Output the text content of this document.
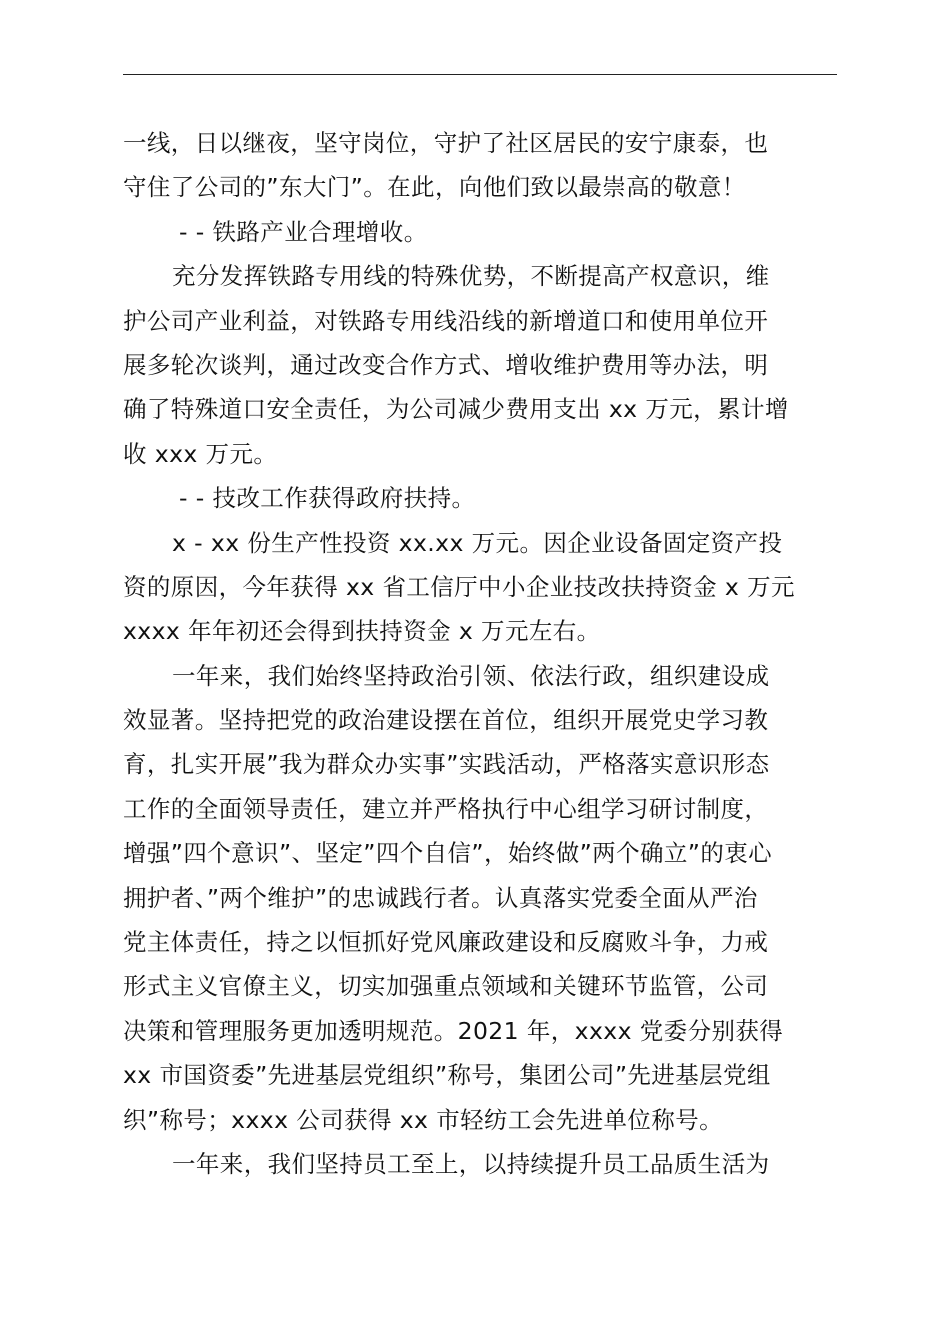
一线，日以继夜，坚守岗位，守护了社区居民的安宁康泰，也
守住了公司的”东大门”。在此，向他们致以最崇高的敬意！
- - 铁路产业合理增收。
充分发挥铁路专用线的特殊优势，不断提高产权意识，维
护公司产业利益，对铁路专用线沿线的新增道口和使用单位开
展多轮次谈判，通过改变合作方式、增收维护费用等办法，明
确了特殊道口安全责任，为公司减少费用支出 xx 万元，累计增
收 xxx 万元。
- - 技改工作获得政府扶持。
x - xx 份生产性投资 xx.xx 万元。因企业设备固定资产投
资的原因，今年获得 xx 省工信厅中小企业技改扶持资金 x 万元
xxxx 年年初还会得到扶持资金 x 万元左右。
一年来，我们始终坚持政治引领、依法行政，组织建设成
效显著。坚持把党的政治建设摆在首位，组织开展党史学习教
育，扎实开展”我为群众办实事”实践活动，严格落实意识形态
工作的全面领导责任，建立并严格执行中心组学习研讨制度，
增强”四个意识”、坚定”四个自信”，始终做”两个确立”的衷心
拥护者、”两个维护”的忠诚践行者。认真落实党委全面从严治
党主体责任，持之以恒抓好党风廉政建设和反腐败斗争，力戒
形式主义官僚主义，切实加强重点领域和关键环节监管，公司
决策和管理服务更加透明规范。2021 年，xxxx 党委分别获得
xx 市国资委”先进基层党组织”称号，集团公司”先进基层党组
织”称号；xxxx 公司获得 xx 市轻纺工会先进单位称号。
一年来，我们坚持员工至上，以持续提升员工品质生活为
